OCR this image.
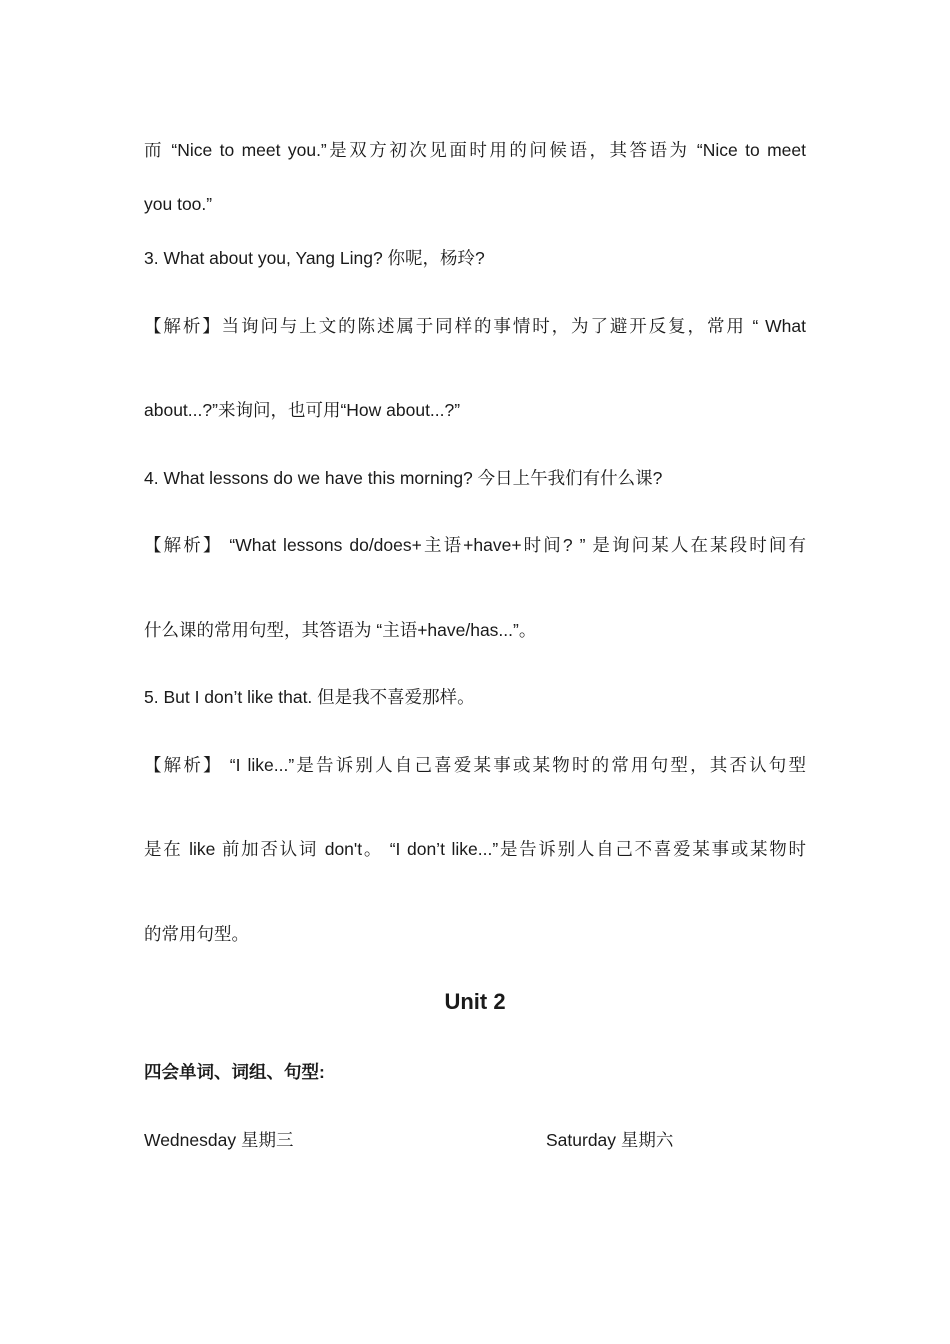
而 “Nice to meet you.”是双方初次见面时用的问候语，其答语为 “Nice to meet
you too.”
3. What about you, Yang Ling? 你呢，杨玲?
【解析】当询问与上文的陈述属于同样的事情时，为了避开反复，常用 “ What
about...?”来询问，也可用“How about...?”
4. What lessons do we have this morning? 今日上午我们有什么课?
【解析】 “What lessons do/does+主语+have+时间? ” 是询问某人在某段时间有
什么课的常用句型，其答语为 “主语+have/has...”。
5. But I don’t like that. 但是我不喜爱那样。
【解析】 “I like...”是告诉别人自己喜爱某事或某物时的常用句型，其否认句型
是在 like 前加否认词 don't。 “I don’t like...”是告诉别人自己不喜爱某事或某物时
的常用句型。
Unit 2
四会单词、词组、句型:
Wednesday 星期三	Saturday 星期六
